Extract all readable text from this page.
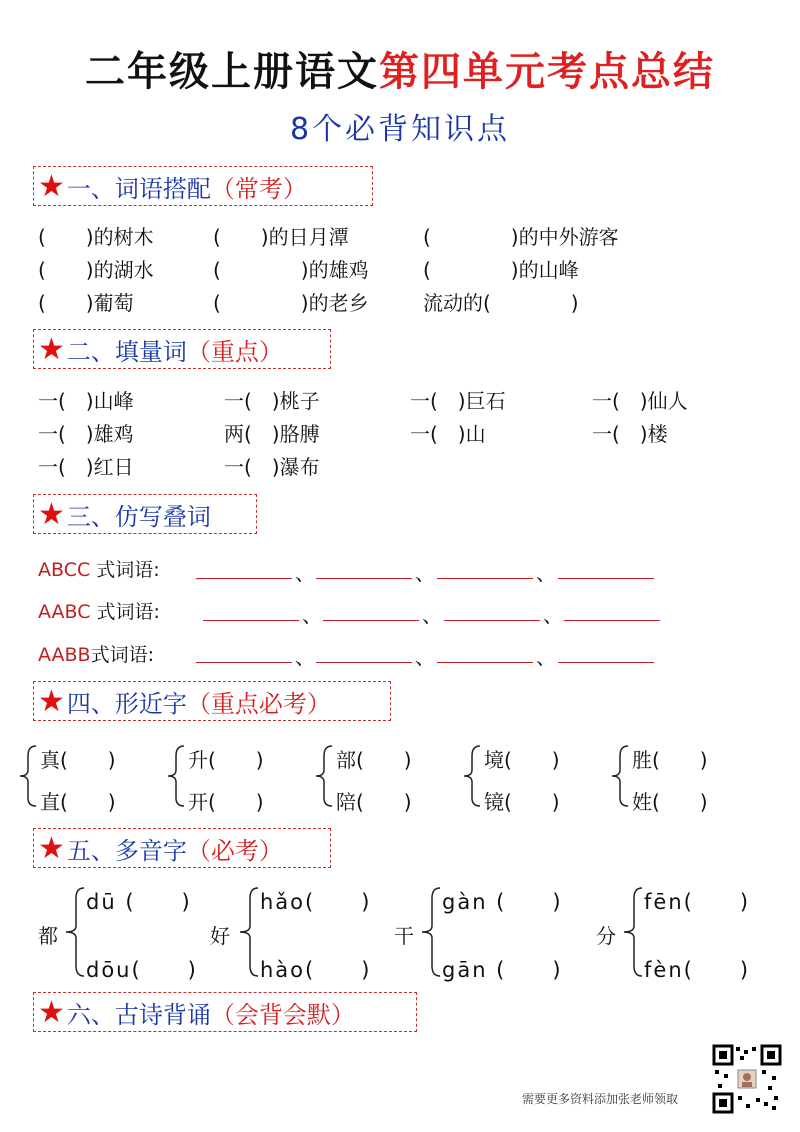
二年级上册语文第四单元考点总结
8个必背知识点
★ 一、词语搭配 （常考）
(　　)的树木	(　　)的日月潭	(　　　　)的中外游客
(　　)的湖水	(　　　　)的雄鸡	(　　　　)的山峰
(　　)葡萄	(　　　　)的老乡	流动的(　　　　)
★ 二、填量词 （重点）
一(　)山峰	一(　)桃子	一(　)巨石	一(　)仙人
一(　)雄鸡	两(　)胳膊	一(　)山	一(　)楼
一(　)红日	一(　)瀑布
★ 三、仿写叠词
ABCC 式词语:	、	、	、
AABC 式词语:	、	、	、
AABB式词语:	、	、	、
★ 四、形近字 （重点必考）
真(　　)
直(　　)
升(　　)
开(　　)
部(　　)
陪(　　)
境(　　)
镜(　　)
胜(　　)
姓(　　)
★ 五、多音字 （必考）
都
dū (　　)
dōu(　　)
好
hǎo(　　)
hào(　　)
干
gàn (　　)
gān (　　)
分
fēn(　　)
fèn(　　)
★ 六、古诗背诵 （会背会默）
需要更多资料添加张老师领取
